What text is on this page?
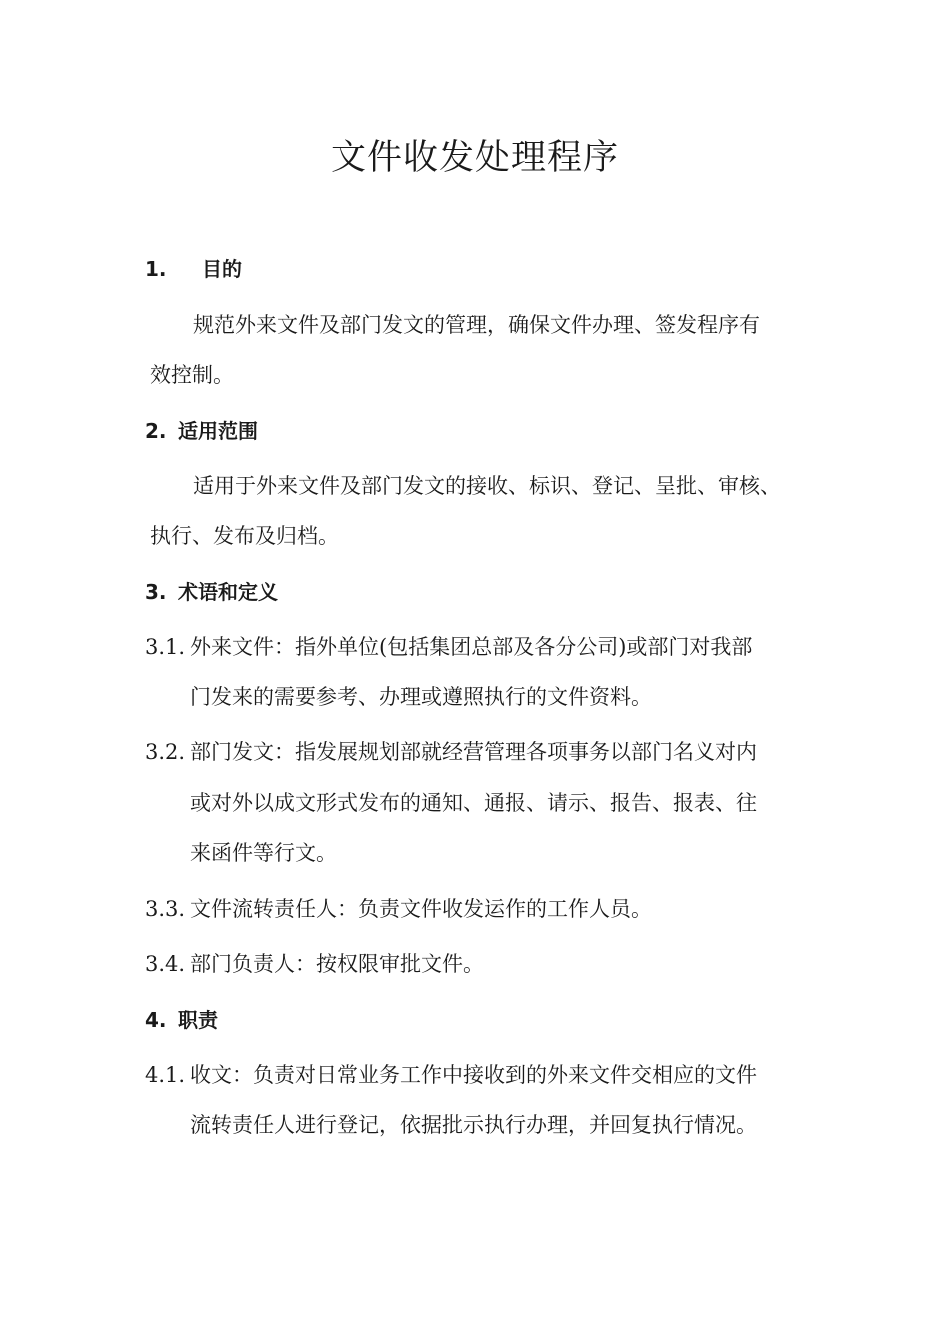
文件收发处理程序
1. 目的
规范外来文件及部门发文的管理，确保文件办理、签发程序有
效控制。
2. 适用范围
适用于外来文件及部门发文的接收、标识、登记、呈批、审核、
执行、发布及归档。
3. 术语和定义
3.1. 外来文件：指外单位(包括集团总部及各分公司)或部门对我部
门发来的需要参考、办理或遵照执行的文件资料。
3.2. 部门发文：指发展规划部就经营管理各项事务以部门名义对内
或对外以成文形式发布的通知、通报、请示、报告、报表、往
来函件等行文。
3.3. 文件流转责任人：负责文件收发运作的工作人员。
3.4. 部门负责人：按权限审批文件。
4. 职责
4.1. 收文：负责对日常业务工作中接收到的外来文件交相应的文件
流转责任人进行登记，依据批示执行办理，并回复执行情况。
